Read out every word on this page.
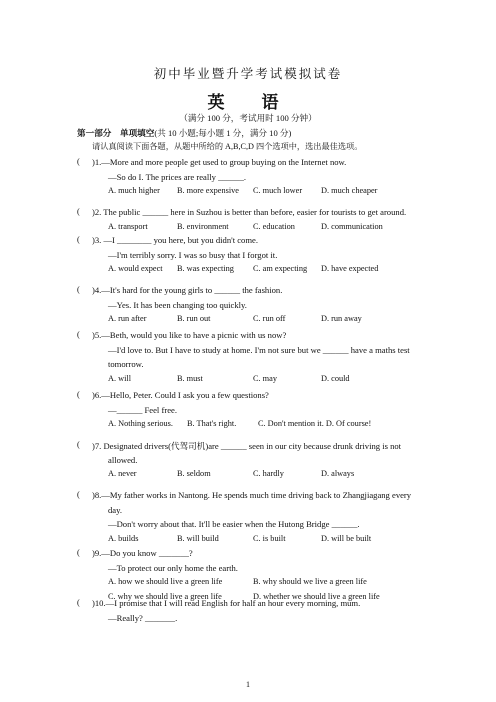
初中毕业暨升学考试模拟试卷
英　语
（满分 100 分，考试用时 100 分钟）
第一部分　单项填空(共 10 小题;每小题 1 分，满分 10 分)
请认真阅读下面各题，从题中所给的 A,B,C,D 四个选项中，选出最佳选项。
( )1.—More and more people get used to group buying on the Internet now.
—So do I. The prices are really ______.
A. much higher B. more expensive C. much lower D. much cheaper
( )2. The public ______ here in Suzhou is better than before, easier for tourists to get around.
A. transport	B. environment	C. education	D. communication
( )3. —I ________ you here, but you didn't come.
—I'm terribly sorry. I was so busy that I forgot it.
A. would expect B. was expecting C. am expecting D. have expected
( )4.—It's hard for the young girls to ______ the fashion.
—Yes. It has been changing too quickly.
A. run after	B. run out	C. run off	D. run away
( )5.—Beth, would you like to have a picnic with us now?
—I'd love to. But I have to study at home. I'm not sure but we ______ have a maths test
tomorrow.
A. will	B. must	C. may	D. could
( )6.—Hello, Peter. Could I ask you a few questions?
—______ Feel free.
A. Nothing serious. B. That's right.	C. Don't mention it. D. Of course!
( )7. Designated drivers(代驾司机)are ______ seen in our city because drunk driving is not
allowed.
A. never	B. seldom	C. hardly	D. always
( )8.—My father works in Nantong. He spends much time driving back to Zhangjiagang every
day.
—Don't worry about that. It'll be easier when the Hutong Bridge ______.
A. builds	B. will build	C. is built	D. will be built
( )9.—Do you know _______?
—To protect our only home the earth.
A. how we should live a green life	B. why should we live a green life
C. why we should live a green life	D. whether we should live a green life
( )10.—I promise that I will read English for half an hour every morning, mum.
—Really? _______.
1
